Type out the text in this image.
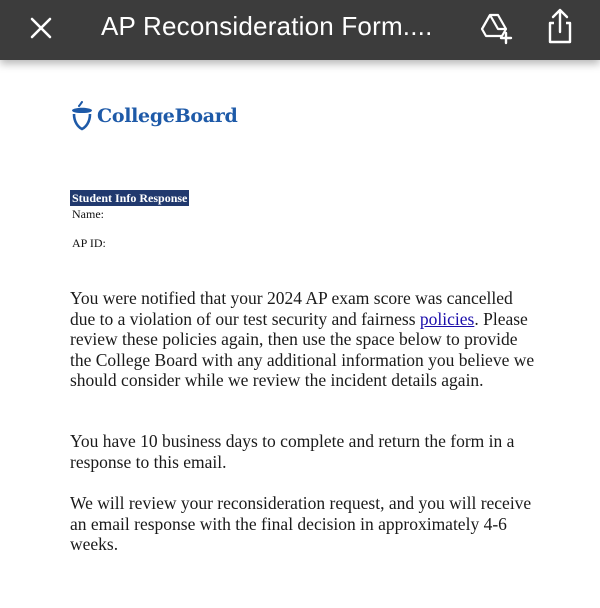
AP Reconsideration Form....
CollegeBoard
Student Info Response
Name:
AP ID:

You were notified that your 2024 AP exam score was cancelled due to a violation of our test security and fairness policies. Please review these policies again, then use the space below to provide the College Board with any additional information you believe we should consider while we review the incident details again.

You have 10 business days to complete and return the form in a response to this email.

We will review your reconsideration request, and you will receive an email response with the final decision in approximately 4-6 weeks.
